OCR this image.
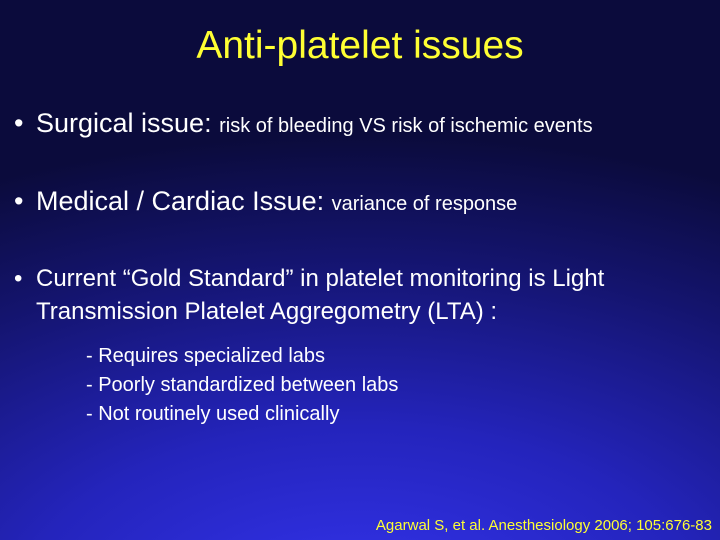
Anti-platelet issues
• Surgical issue: risk of bleeding VS risk of ischemic events
• Medical / Cardiac Issue: variance of response
• Current “Gold Standard” in platelet monitoring is Light Transmission Platelet Aggregometry (LTA) :
- Requires specialized labs
- Poorly standardized between labs
- Not routinely used clinically
Agarwal S, et al. Anesthesiology 2006; 105:676-83
